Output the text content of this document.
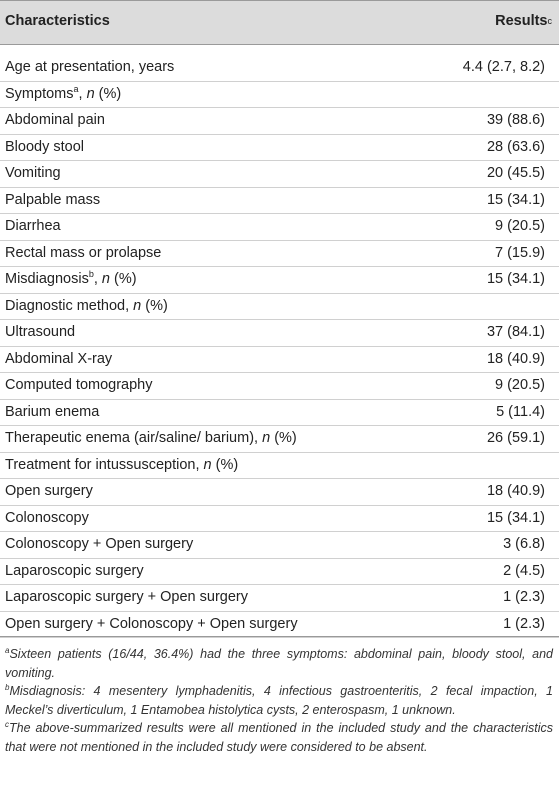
Characteristics	Results$^c$
Age at presentation, years	4.4 (2.7, 8.2)
Symptoms$^a$, n (%)
Abdominal pain	39 (88.6)
Bloody stool	28 (63.6)
Vomiting	20 (45.5)
Palpable mass	15 (34.1)
Diarrhea	9 (20.5)
Rectal mass or prolapse	7 (15.9)
Misdiagnosis$^b$, n (%)	15 (34.1)
Diagnostic method, n (%)
Ultrasound	37 (84.1)
Abdominal X-ray	18 (40.9)
Computed tomography	9 (20.5)
Barium enema	5 (11.4)
Therapeutic enema (air/saline/ barium), n (%)	26 (59.1)
Treatment for intussusception, n (%)
Open surgery	18 (40.9)
Colonoscopy	15 (34.1)
Colonoscopy + Open surgery	3 (6.8)
Laparoscopic surgery	2 (4.5)
Laparoscopic surgery + Open surgery	1 (2.3)
Open surgery + Colonoscopy + Open surgery	1 (2.3)

$^a$Sixteen patients (16/44, 36.4%) had the three symptoms: abdominal pain, bloody stool, and vomiting.

$^b$Misdiagnosis: 4 mesentery lymphadenitis, 4 infectious gastroenteritis, 2 fecal impaction, 1 Meckel’s diverticulum, 1 Entamobea histolytica cysts, 2 enterospasm, 1 unknown.

$^c$The above-summarized results were all mentioned in the included study and the characteristics that were not mentioned in the included study were considered to be absent.
